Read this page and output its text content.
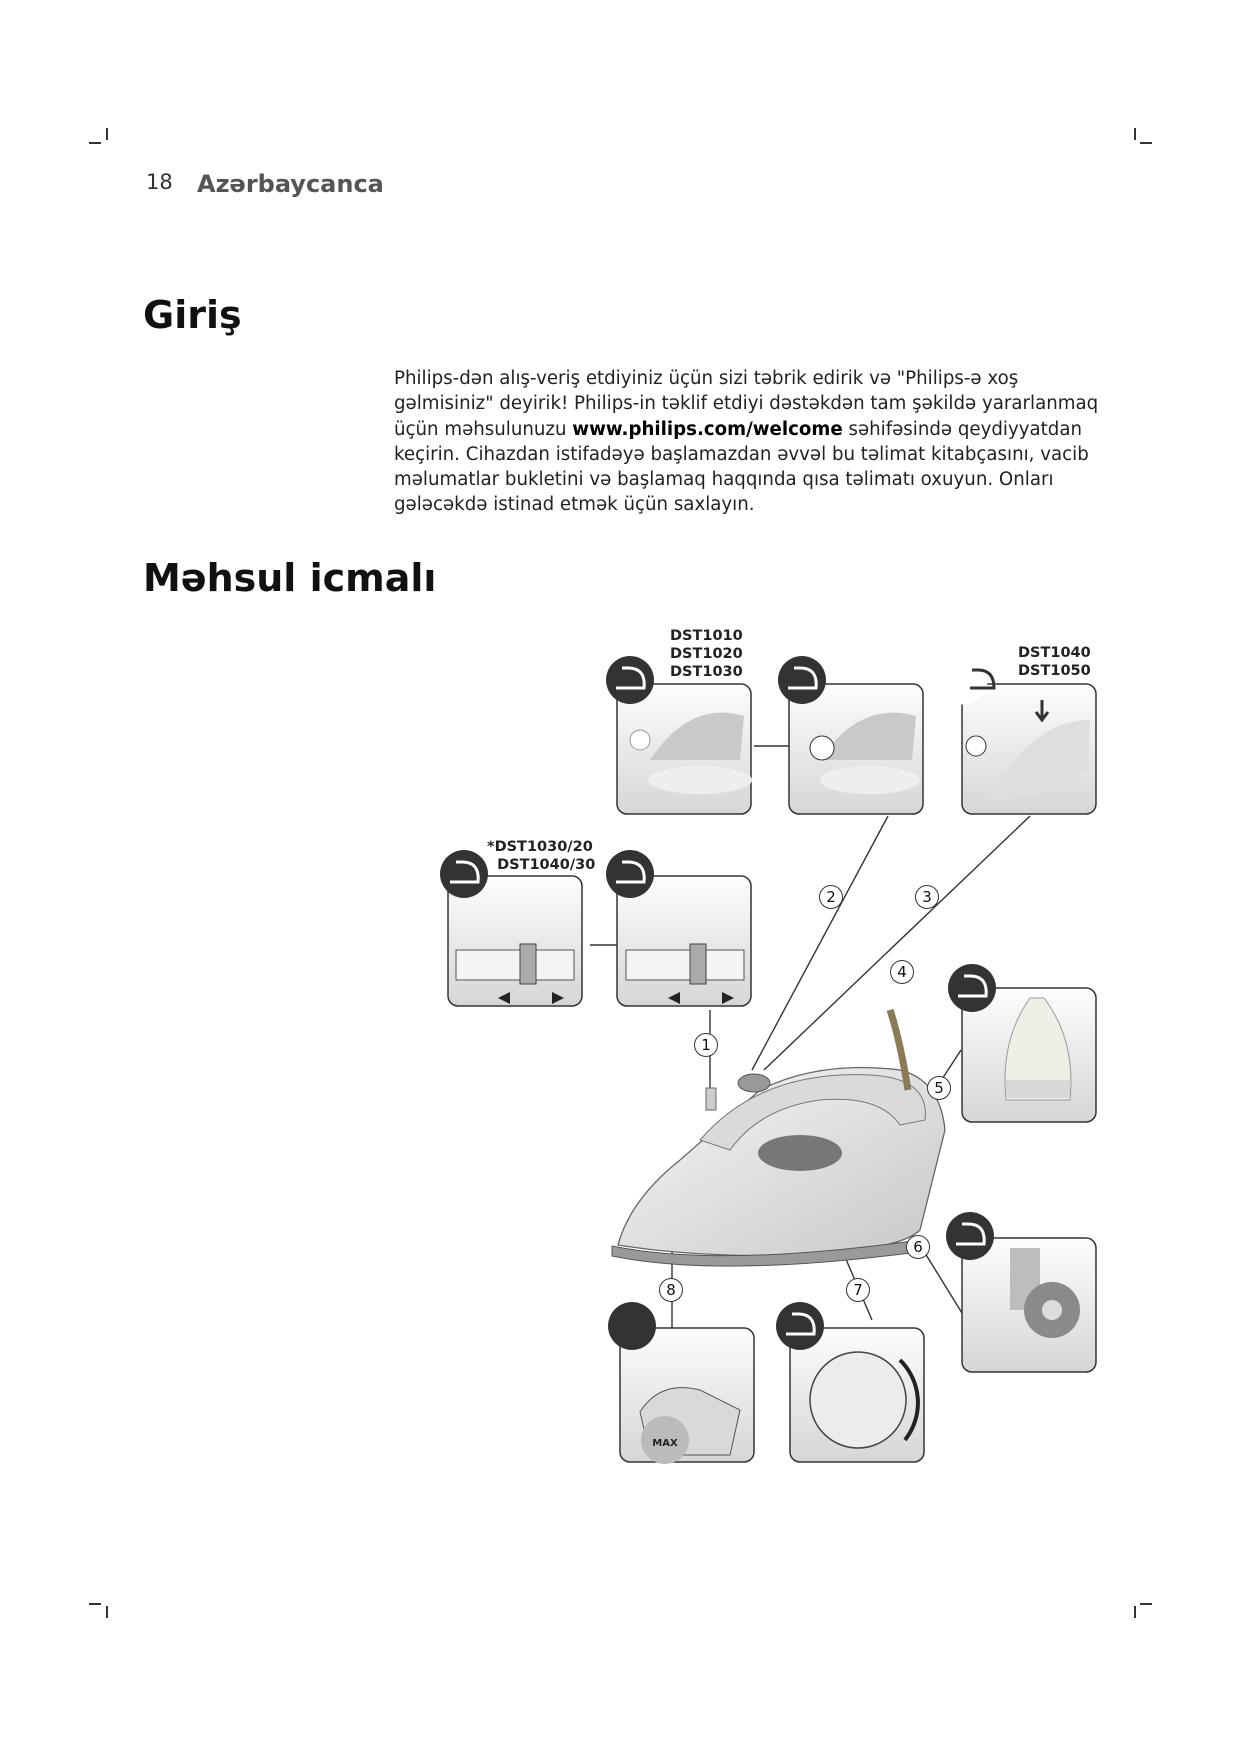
18 Azərbaycanca
Giriş

Philips-dən alış-veriş etdiyiniz üçün sizi təbrik edirik və "Philips-ə xoş gəlmisiniz" deyirik! Philips-in təklif etdiyi dəstəkdən tam şəkildə yararlanmaq üçün məhsulunuzu www.philips.com/welcome səhifəsində qeydiyyatdan keçirin. Cihazdan istifadəyə başlamazdan əvvəl bu təlimat kitabçasını, vacib məlumatlar bukletini və başlamaq haqqında qısa təlimatı oxuyun. Onları gələcəkdə istinad etmək üçün saxlayın.

Məhsul icmalı
DST1010
DST1020
DST1030
DST1040
DST1050
*DST1030/20
DST1040/30
MAX
2	3
4
1
5
6
7
8
